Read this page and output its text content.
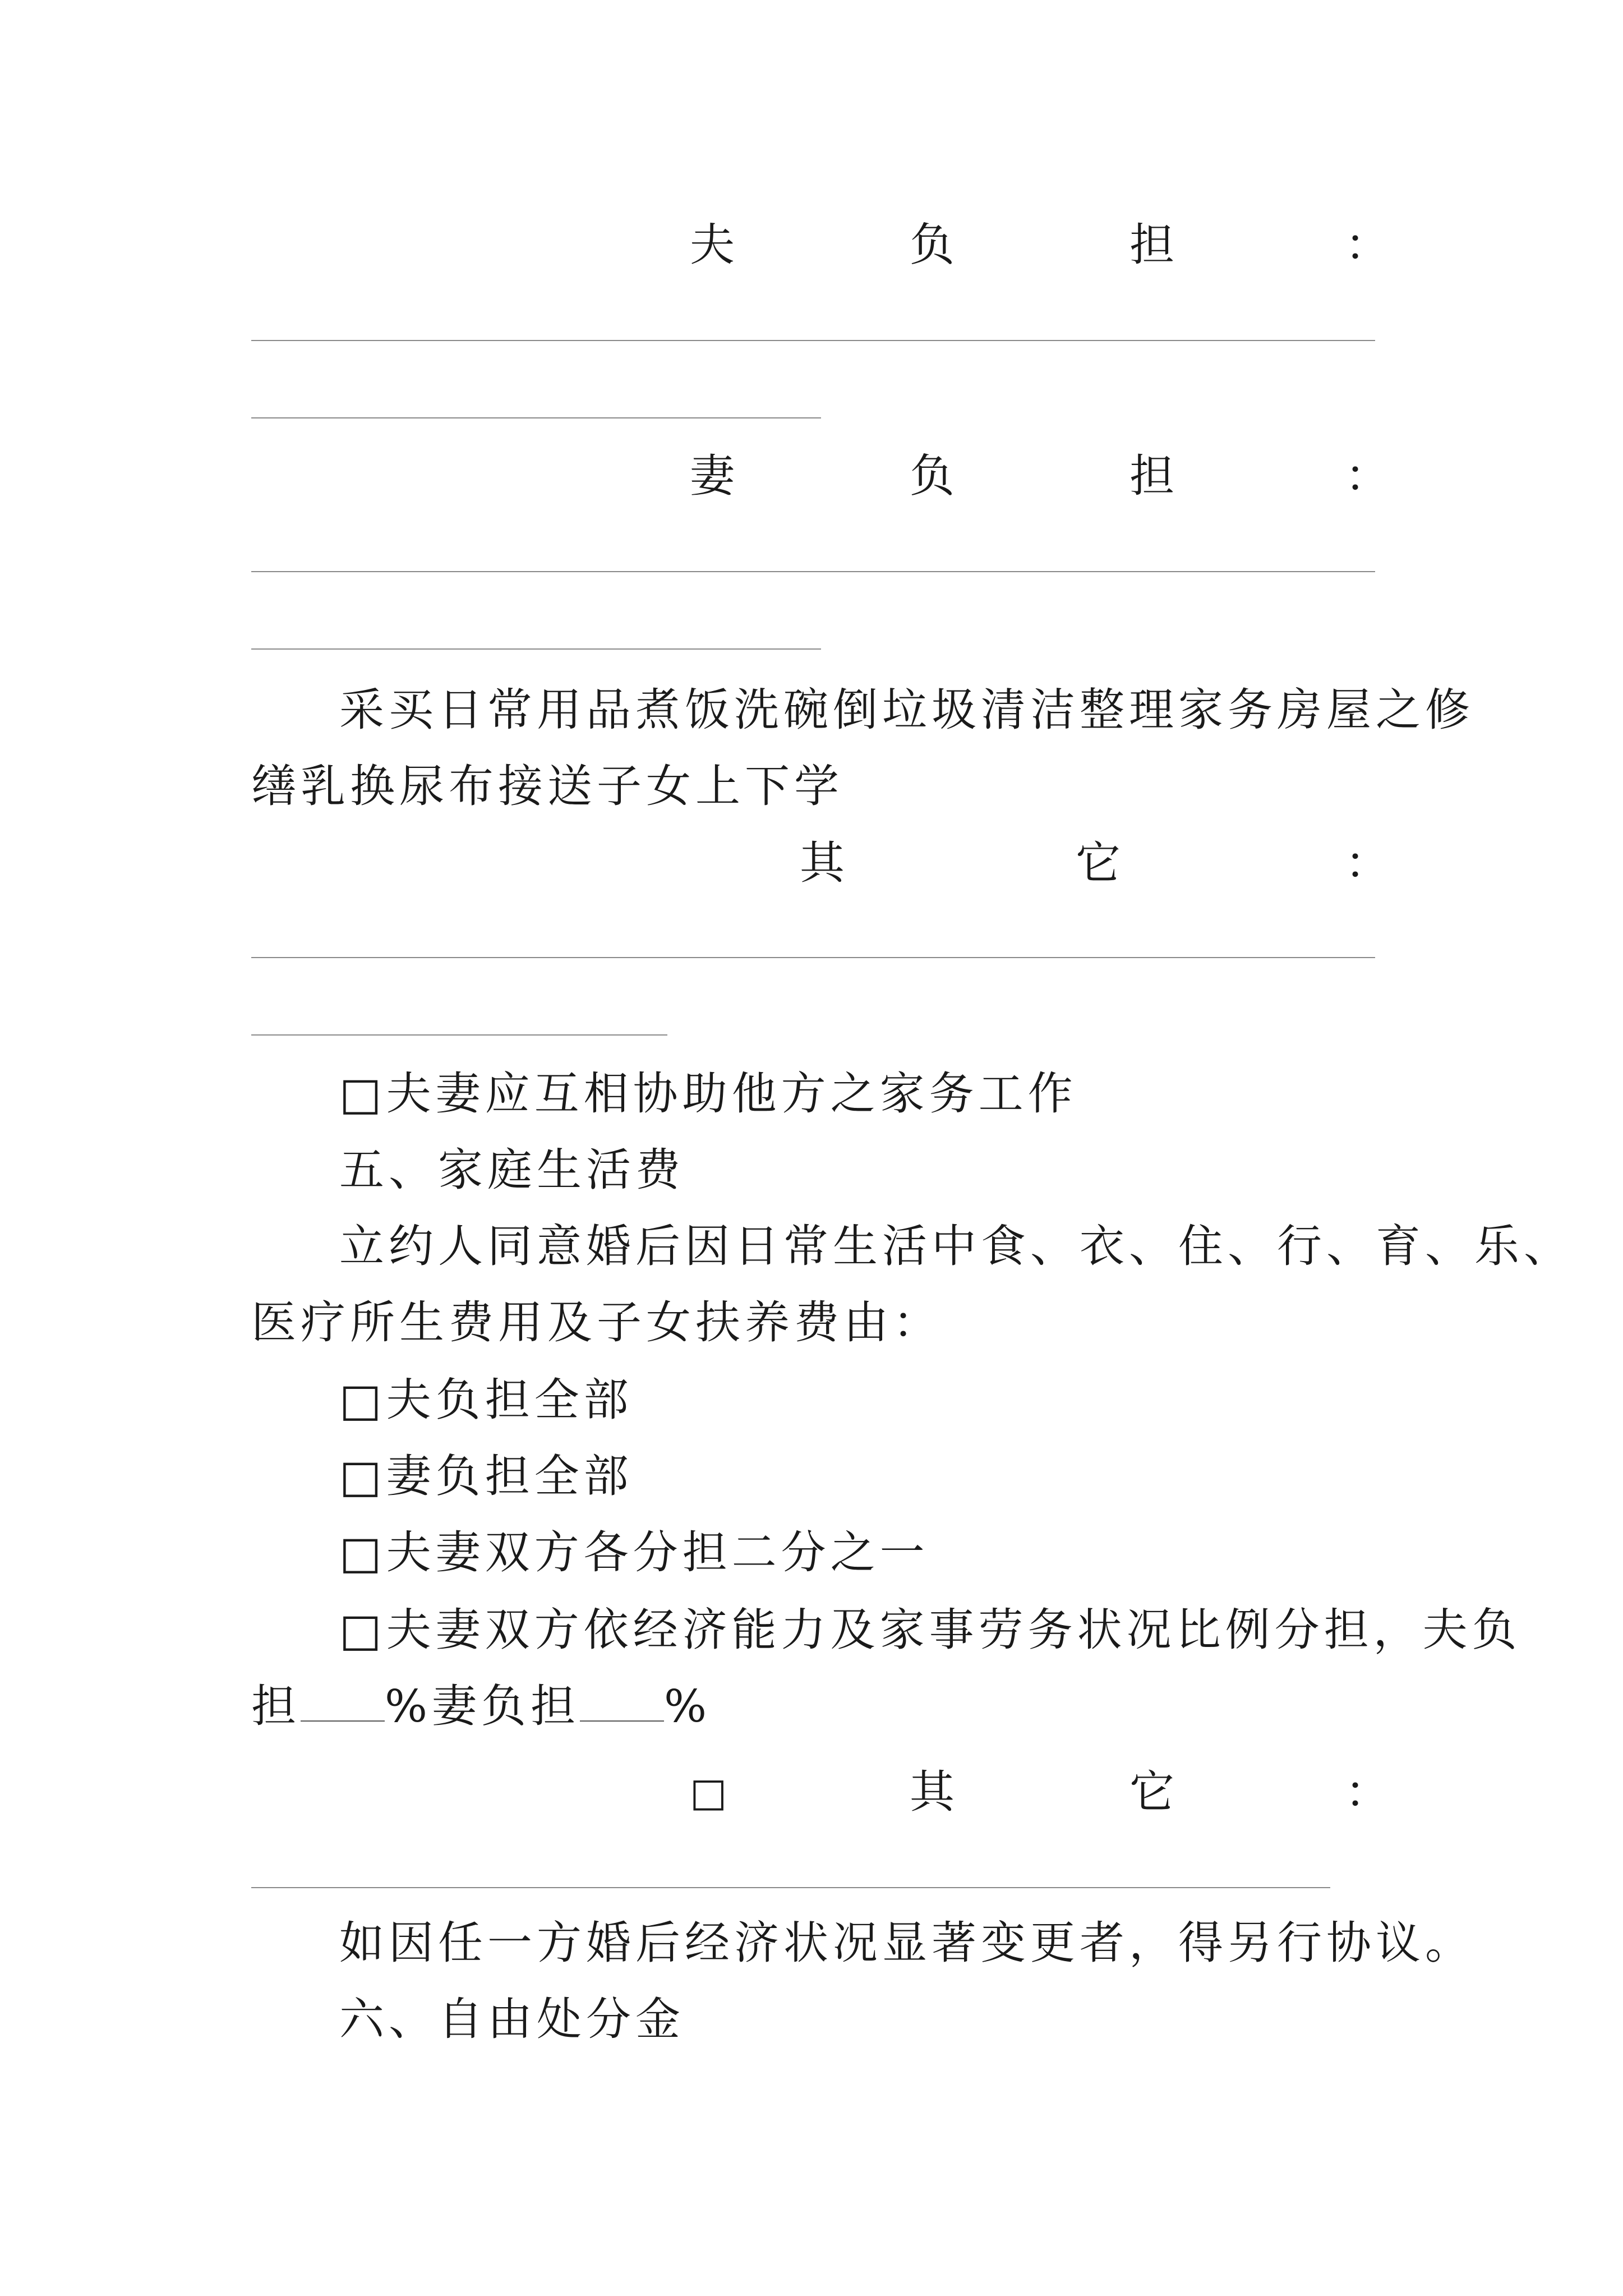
夫	负	担	：
妻	负	担	：
采买日常用品煮饭洗碗倒垃圾清洁整理家务房屋之修
缮乳换尿布接送子女上下学
其	它	：
□夫妻应互相协助他方之家务工作
五、家庭生活费
立约人同意婚后因日常生活中食、衣、住、行、育、乐、
医疗所生费用及子女扶养费由：
□夫负担全部
□妻负担全部
□夫妻双方各分担二分之一
□夫妻双方依经济能力及家事劳务状况比例分担，夫负
担 %妻负担 %
□	其	它	：
如因任一方婚后经济状况显著变更者，得另行协议。
六、自由处分金
